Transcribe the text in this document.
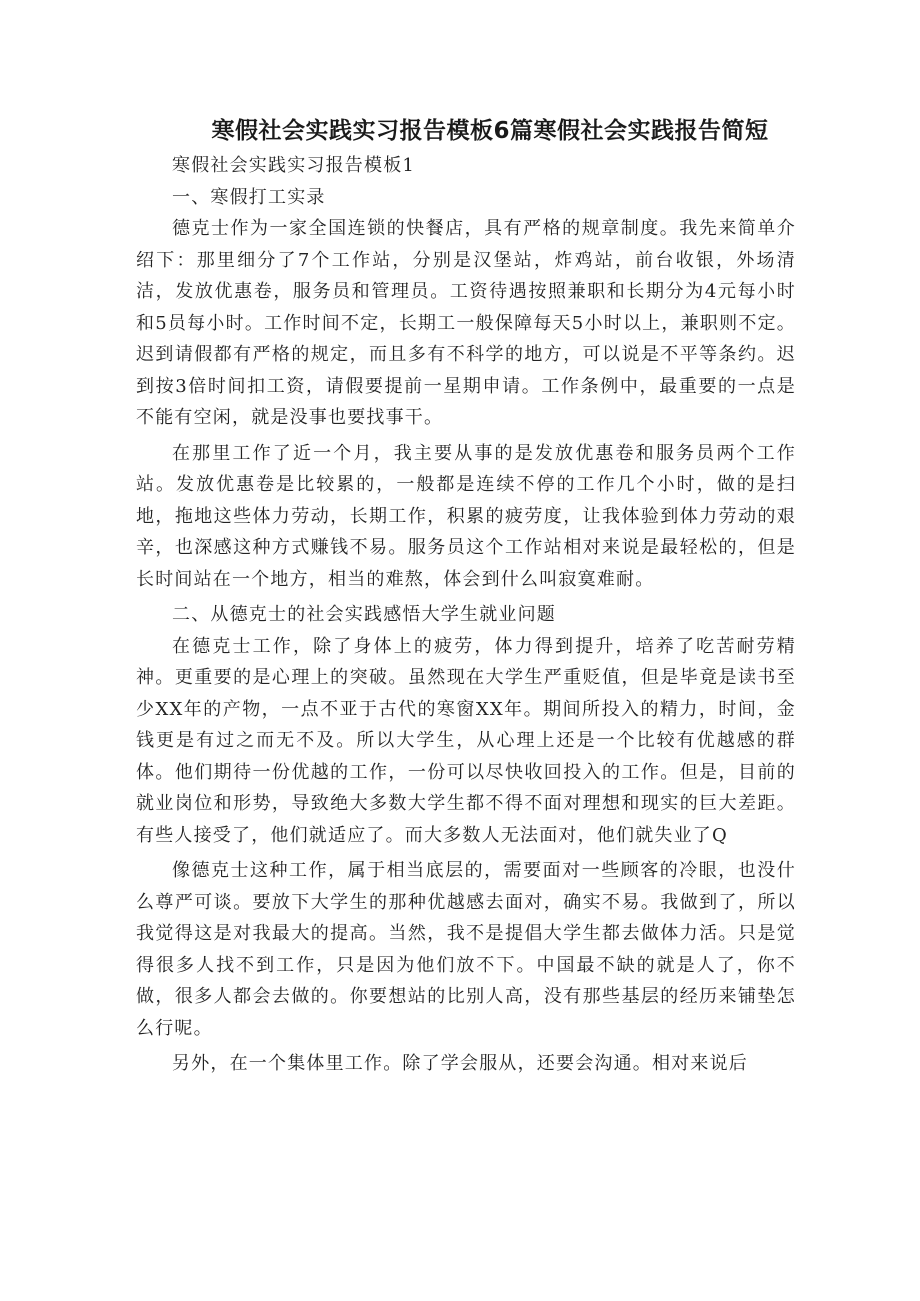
寒假社会实践实习报告模板6篇寒假社会实践报告简短

寒假社会实践实习报告模板1

一、寒假打工实录

德克士作为一家全国连锁的快餐店，具有严格的规章制度。我先来简单介绍下：那里细分了7个工作站，分别是汉堡站，炸鸡站，前台收银，外场清洁，发放优惠卷，服务员和管理员。工资待遇按照兼职和长期分为4元每小时和5员每小时。工作时间不定，长期工一般保障每天5小时以上，兼职则不定。迟到请假都有严格的规定，而且多有不科学的地方，可以说是不平等条约。迟到按3倍时间扣工资，请假要提前一星期申请。工作条例中，最重要的一点是不能有空闲，就是没事也要找事干。

在那里工作了近一个月，我主要从事的是发放优惠卷和服务员两个工作站。发放优惠卷是比较累的，一般都是连续不停的工作几个小时，做的是扫地，拖地这些体力劳动，长期工作，积累的疲劳度，让我体验到体力劳动的艰辛，也深感这种方式赚钱不易。服务员这个工作站相对来说是最轻松的，但是长时间站在一个地方，相当的难熬，体会到什么叫寂寞难耐。

二、从德克士的社会实践感悟大学生就业问题

在德克士工作，除了身体上的疲劳，体力得到提升，培养了吃苦耐劳精神。更重要的是心理上的突破。虽然现在大学生严重贬值，但是毕竟是读书至少XX年的产物，一点不亚于古代的寒窗XX年。期间所投入的精力，时间，金钱更是有过之而无不及。所以大学生，从心理上还是一个比较有优越感的群体。他们期待一份优越的工作，一份可以尽快收回投入的工作。但是，目前的就业岗位和形势，导致绝大多数大学生都不得不面对理想和现实的巨大差距。有些人接受了，他们就适应了。而大多数人无法面对，他们就失业了Q

像德克士这种工作，属于相当底层的，需要面对一些顾客的冷眼，也没什么尊严可谈。要放下大学生的那种优越感去面对，确实不易。我做到了，所以我觉得这是对我最大的提高。当然，我不是提倡大学生都去做体力活。只是觉得很多人找不到工作，只是因为他们放不下。中国最不缺的就是人了，你不做，很多人都会去做的。你要想站的比别人高，没有那些基层的经历来铺垫怎么行呢。

另外，在一个集体里工作。除了学会服从，还要会沟通。相对来说后
